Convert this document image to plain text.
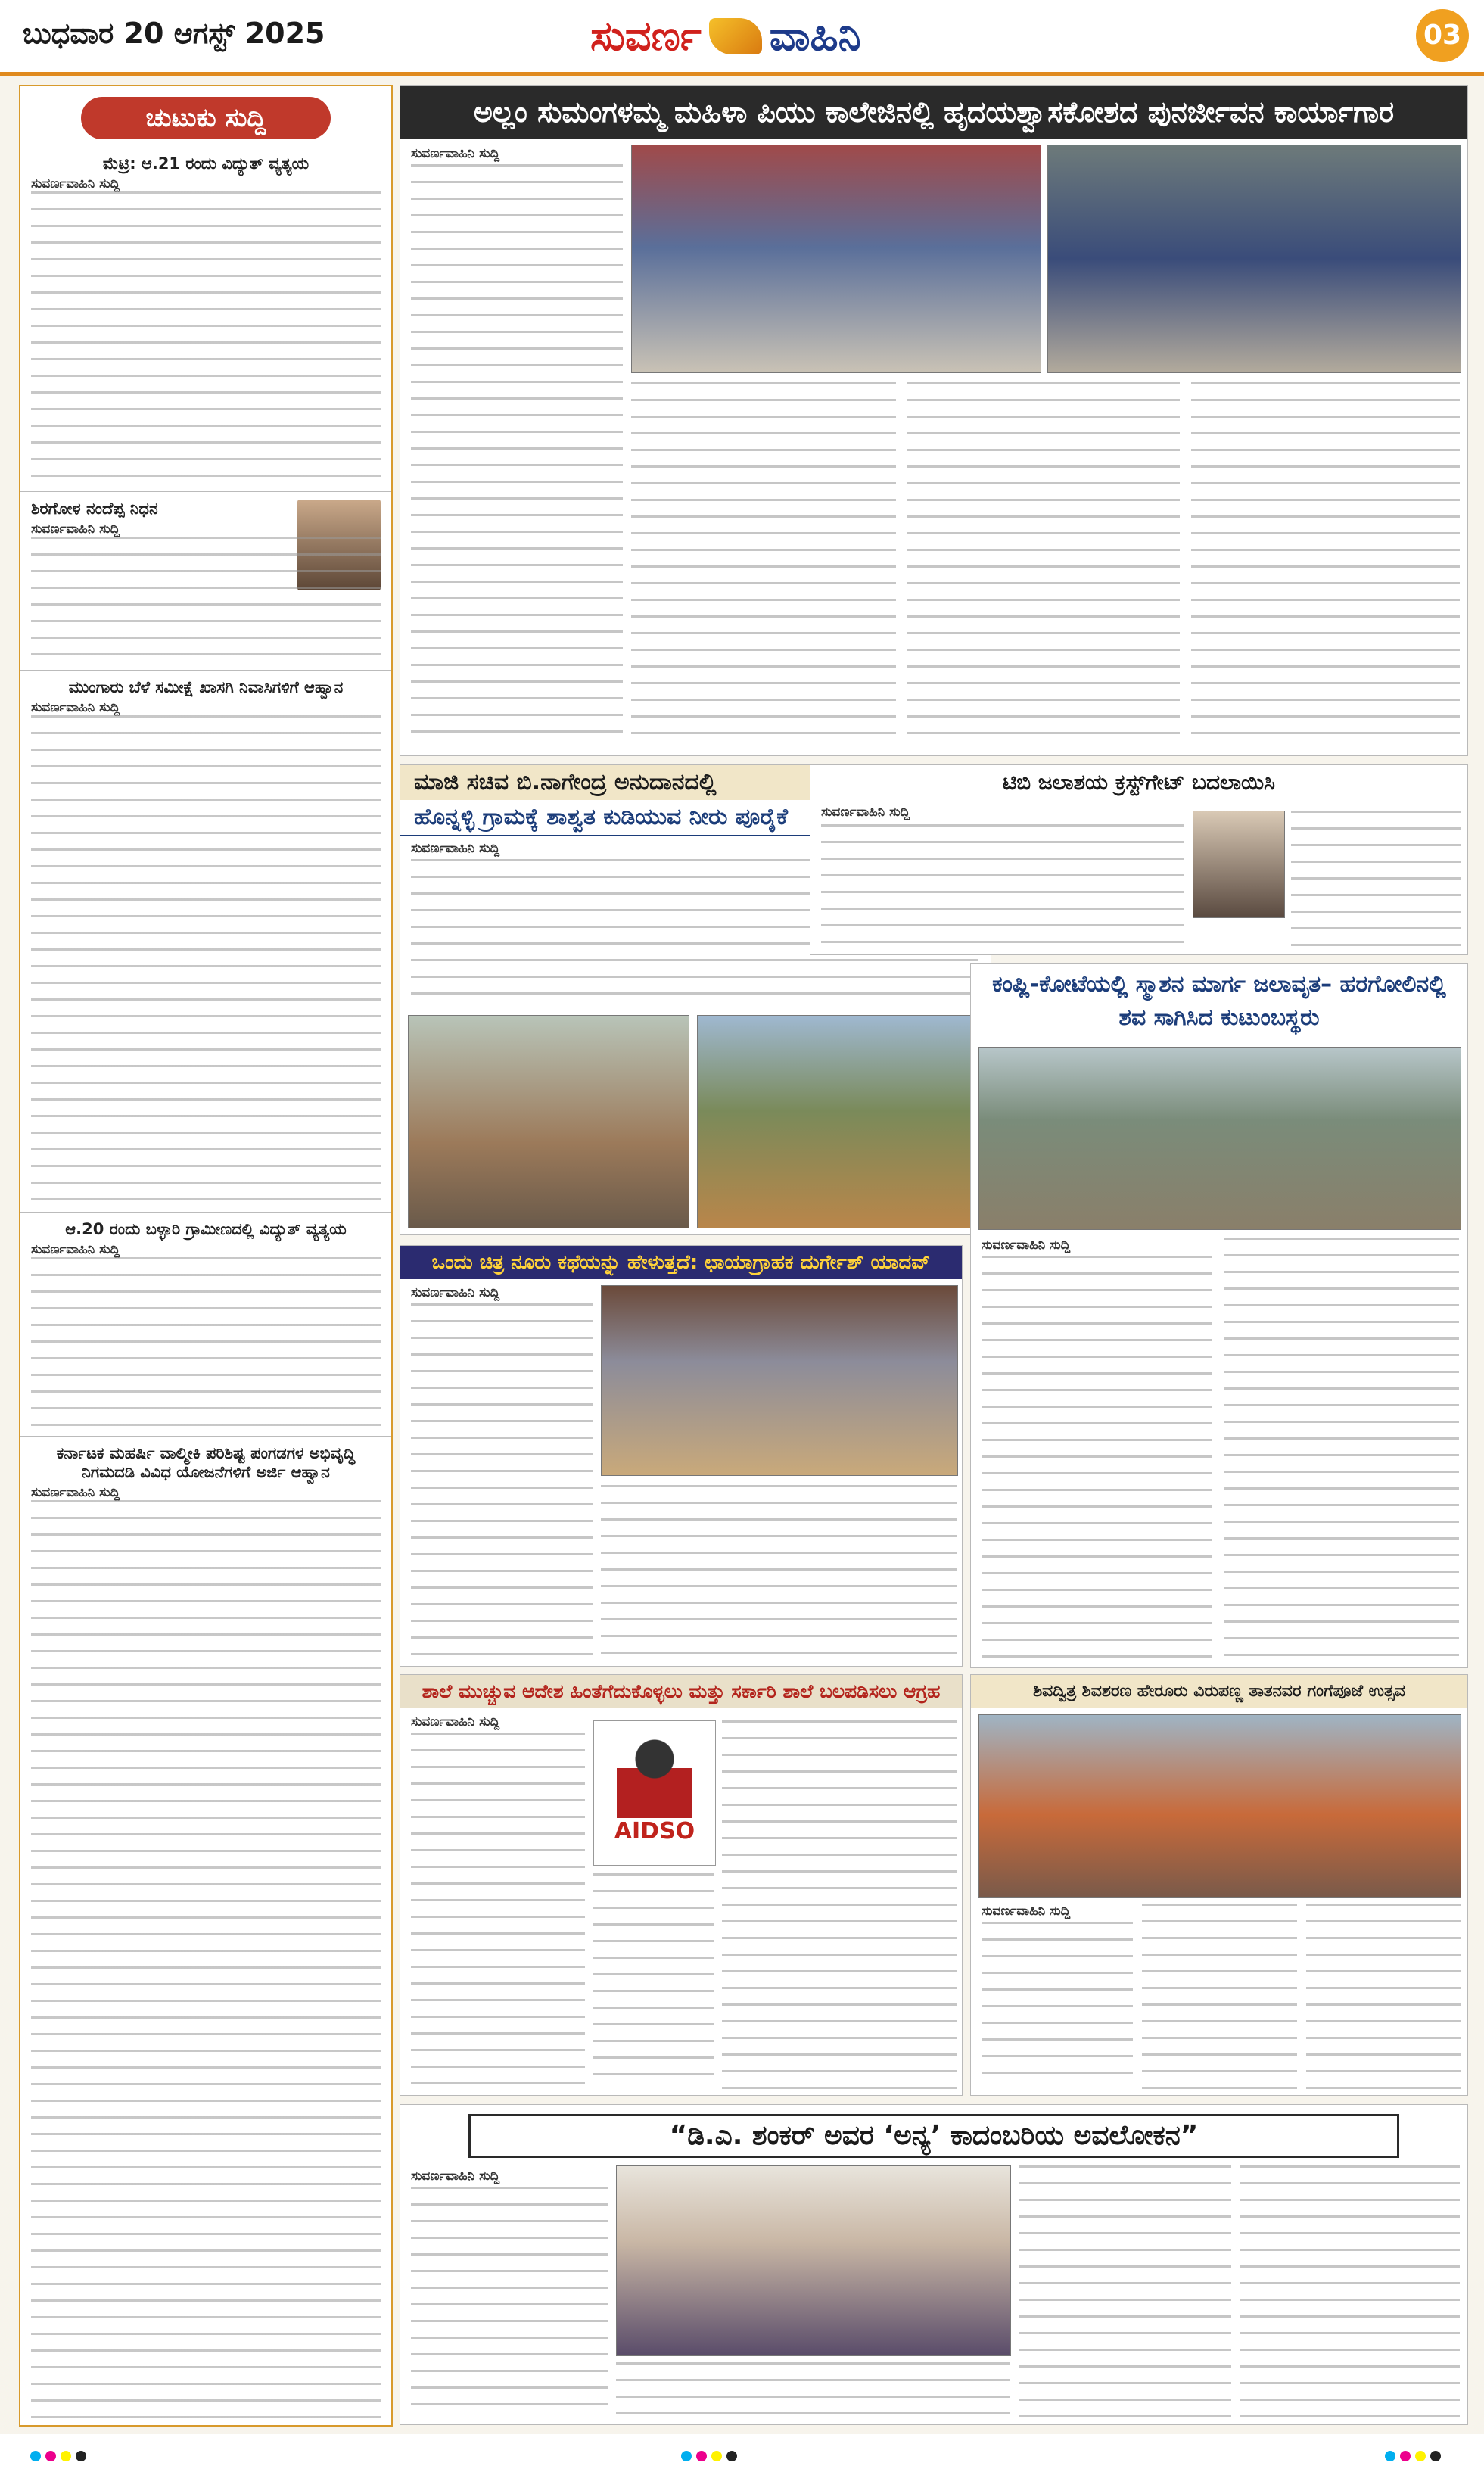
ಬುಧವಾರ 20 ಆಗಸ್ಟ್ 2025	ಸುವರ್ಣ ವಾಹಿನಿ	03
ಚುಟುಕು ಸುದ್ದಿ
ಮೆಟ್ರಿ: ಆ.21 ರಂದು ವಿದ್ಯುತ್ ವ್ಯತ್ಯಯ
ಸುವರ್ಣವಾಹಿನಿ ಸುದ್ದಿ
ಶಿರಗೋಳ ನಂದೆಪ್ಪ ನಿಧನ
ಸುವರ್ಣವಾಹಿನಿ ಸುದ್ದಿ
ಮುಂಗಾರು ಬೆಳೆ ಸಮೀಕ್ಷೆ ಖಾಸಗಿ ನಿವಾಸಿಗಳಿಗೆ ಆಹ್ವಾನ
ಸುವರ್ಣವಾಹಿನಿ ಸುದ್ದಿ
ಆ.20 ರಂದು ಬಳ್ಳಾರಿ ಗ್ರಾಮೀಣದಲ್ಲಿ ವಿದ್ಯುತ್ ವ್ಯತ್ಯಯ
ಸುವರ್ಣವಾಹಿನಿ ಸುದ್ದಿ
ಕರ್ನಾಟಕ ಮಹರ್ಷಿ ವಾಲ್ಮೀಕಿ ಪರಿಶಿಷ್ಟ ಪಂಗಡಗಳ ಅಭಿವೃದ್ಧಿ ನಿಗಮದಡಿ ವಿವಿಧ ಯೋಜನೆಗಳಿಗೆ ಅರ್ಜಿ ಆಹ್ವಾನ
ಸುವರ್ಣವಾಹಿನಿ ಸುದ್ದಿ
ಅಲ್ಲಂ ಸುಮಂಗಳಮ್ಮ ಮಹಿಳಾ ಪಿಯು ಕಾಲೇಜಿನಲ್ಲಿ ಹೃದಯಶ್ವಾಸಕೋಶದ ಪುನರ್ಜೀವನ ಕಾರ್ಯಾಗಾರ
ಸುವರ್ಣವಾಹಿನಿ ಸುದ್ದಿ
ಮಾಜಿ ಸಚಿವ ಬಿ.ನಾಗೇಂದ್ರ ಅನುದಾನದಲ್ಲಿ
ಹೊನ್ನಳ್ಳಿ ಗ್ರಾಮಕ್ಕೆ ಶಾಶ್ವತ ಕುಡಿಯುವ ನೀರು ಪೂರೈಕೆ
ಸುವರ್ಣವಾಹಿನಿ ಸುದ್ದಿ
ಟಿಬಿ ಜಲಾಶಯ ಕ್ರಸ್ಟ್‌ಗೇಟ್ ಬದಲಾಯಿಸಿ
ಸುವರ್ಣವಾಹಿನಿ ಸುದ್ದಿ
ಕಂಪ್ಲಿ-ಕೋಟೆಯಲ್ಲಿ ಸ್ಮಾಶನ ಮಾರ್ಗ ಜಲಾವೃತ– ಹರಗೋಲಿನಲ್ಲಿ ಶವ ಸಾಗಿಸಿದ ಕುಟುಂಬಸ್ಥರು
ಸುವರ್ಣವಾಹಿನಿ ಸುದ್ದಿ
ಒಂದು ಚಿತ್ರ ನೂರು ಕಥೆಯನ್ನು ಹೇಳುತ್ತದೆ: ಛಾಯಾಗ್ರಾಹಕ ದುರ್ಗೇಶ್ ಯಾದವ್
ಸುವರ್ಣವಾಹಿನಿ ಸುದ್ದಿ
ಶಾಲೆ ಮುಚ್ಚುವ ಆದೇಶ ಹಿಂತೆಗೆದುಕೊಳ್ಳಲು ಮತ್ತು ಸರ್ಕಾರಿ ಶಾಲೆ ಬಲಪಡಿಸಲು ಆಗ್ರಹ
ಸುವರ್ಣವಾಹಿನಿ ಸುದ್ದಿ
AIDSO
ಶಿವದ್ವಿತ್ರ ಶಿವಶರಣ ಹೇರೂರು ವಿರುಪಣ್ಣ ತಾತನವರ ಗಂಗೆಪೂಜೆ ಉತ್ಸವ
ಸುವರ್ಣವಾಹಿನಿ ಸುದ್ದಿ
“ಡಿ.ಎ. ಶಂಕರ್ ಅವರ ‘ಅನ್ಯ’ ಕಾದಂಬರಿಯ ಅವಲೋಕನ”
ಸುವರ್ಣವಾಹಿನಿ ಸುದ್ದಿ
